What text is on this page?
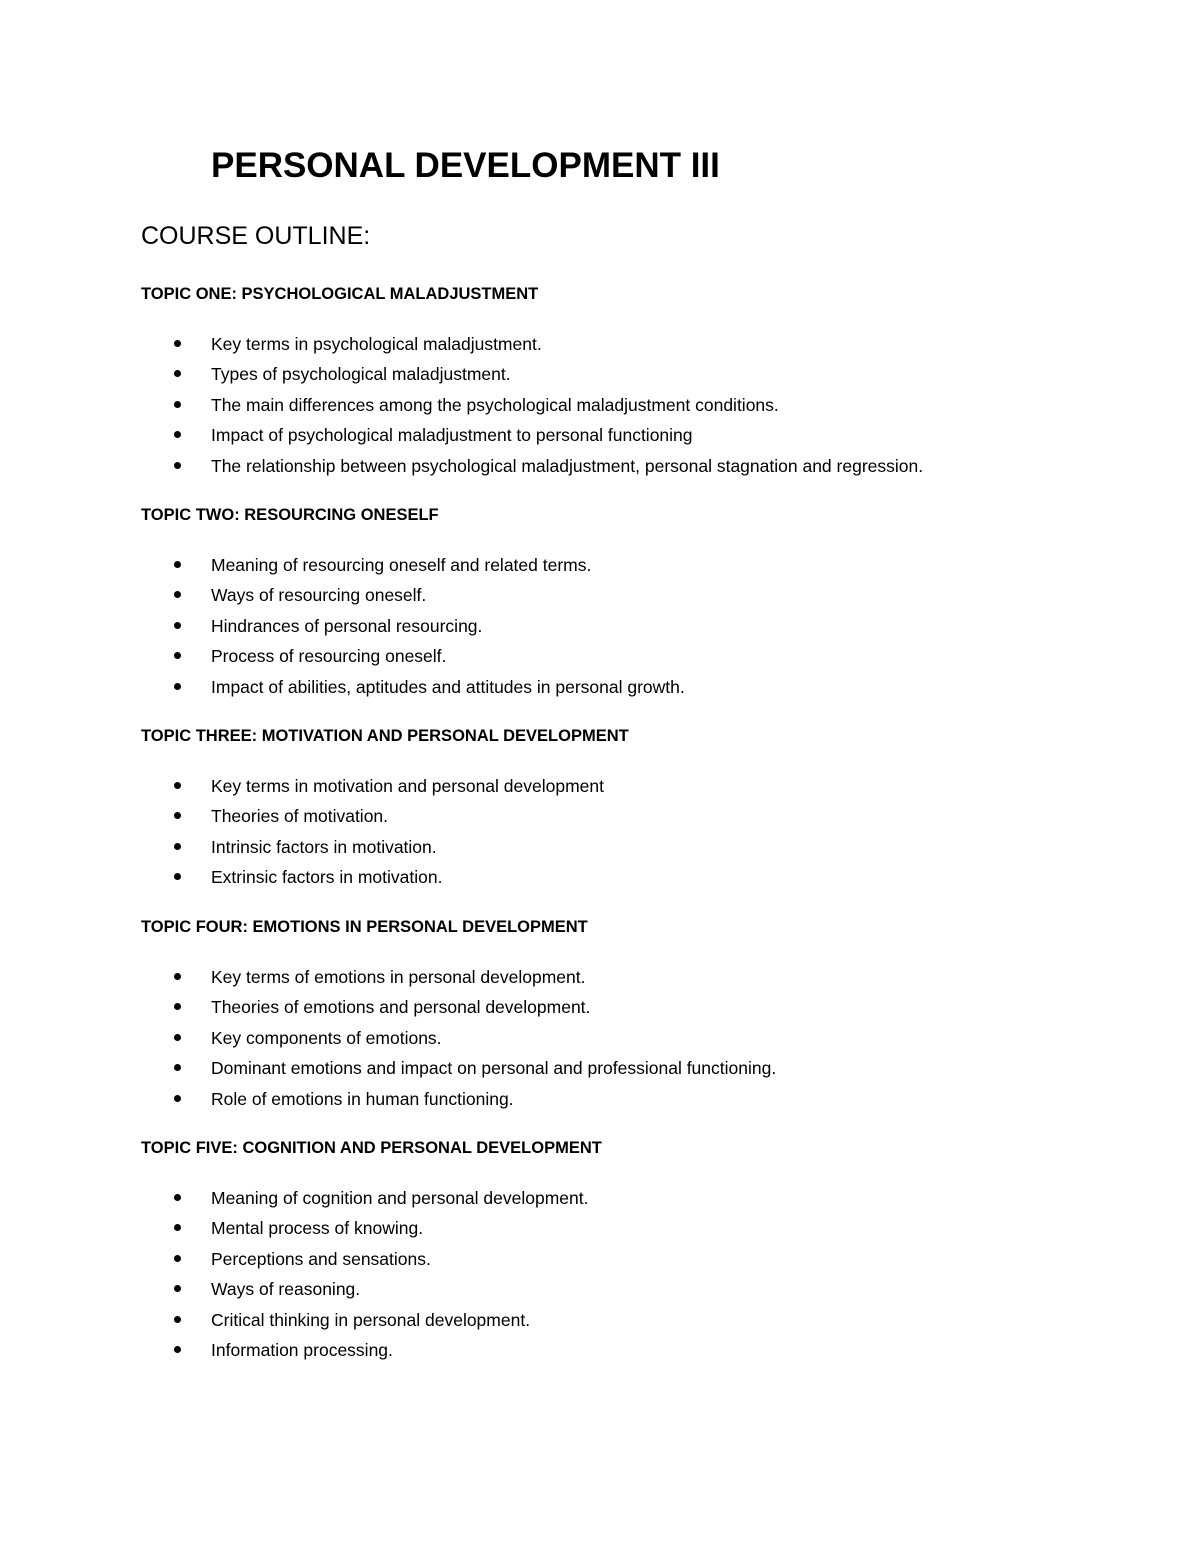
PERSONAL DEVELOPMENT III
COURSE OUTLINE:
TOPIC ONE: PSYCHOLOGICAL MALADJUSTMENT
Key terms in psychological maladjustment.
Types of psychological maladjustment.
The main differences among the psychological maladjustment conditions.
Impact of psychological maladjustment to personal functioning
The relationship between psychological maladjustment, personal stagnation and regression.
TOPIC TWO: RESOURCING ONESELF
Meaning of resourcing oneself and related terms.
Ways of resourcing oneself.
Hindrances of personal resourcing.
Process of resourcing oneself.
Impact of abilities, aptitudes and attitudes in personal growth.
TOPIC THREE: MOTIVATION AND PERSONAL DEVELOPMENT
Key terms in motivation and personal development
Theories of motivation.
Intrinsic factors in motivation.
Extrinsic factors in motivation.
TOPIC FOUR: EMOTIONS IN PERSONAL DEVELOPMENT
Key terms of emotions in personal development.
Theories of emotions and personal development.
Key components of emotions.
Dominant emotions and impact on personal and professional functioning.
Role of emotions in human functioning.
TOPIC FIVE: COGNITION AND PERSONAL DEVELOPMENT
Meaning of cognition and personal development.
Mental process of knowing.
Perceptions and sensations.
Ways of reasoning.
Critical thinking in personal development.
Information processing.
